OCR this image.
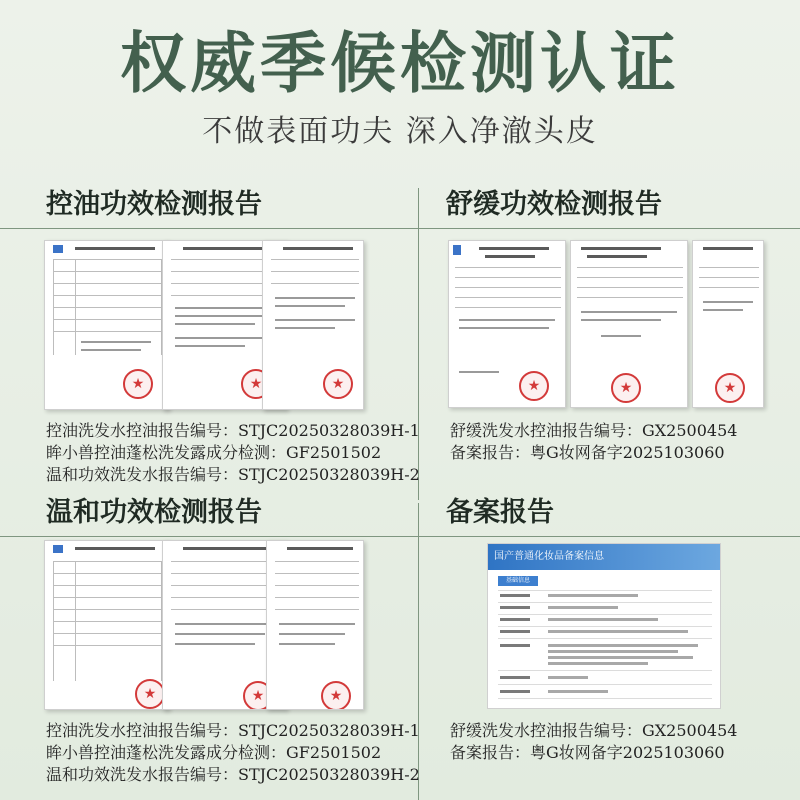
权威季候检测认证
不做表面功夫 深入净澈头皮
控油功效检测报告
★	★	★
控油洗发水控油报告编号：STJC20250328039H-1
眸小兽控油蓬松洗发露成分检测：GF2501502
温和功效洗发水报告编号：STJC20250328039H-2
舒缓功效检测报告
★	★	★
舒缓洗发水控油报告编号：GX2500454
备案报告：粤G妆网备字2025103060
温和功效检测报告
★	★	★
控油洗发水控油报告编号：STJC20250328039H-1
眸小兽控油蓬松洗发露成分检测：GF2501502
温和功效洗发水报告编号：STJC20250328039H-2
备案报告
国产普通化妆品备案信息
基础信息
舒缓洗发水控油报告编号：GX2500454
备案报告：粤G妆网备字2025103060
